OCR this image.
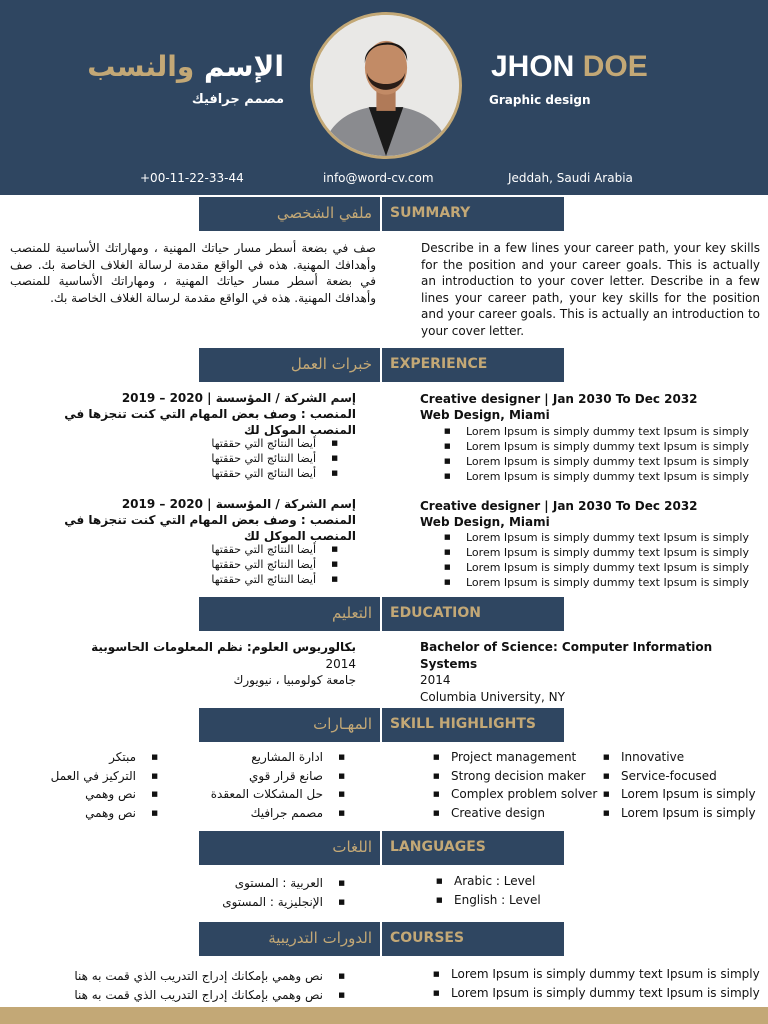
الإسم والنسب
مصمم جرافيك
JHON DOE
Graphic design
+00-11-22-33-44	info@word-cv.com	Jeddah, Saudi Arabia
ملفي الشخصي SUMMARY
صف في بضعة أسطر مسار حياتك المهنية ، ومهاراتك الأساسية للمنصب وأهدافك المهنية. هذه في الواقع مقدمة لرسالة الغلاف الخاصة بك. صف في بضعة أسطر مسار حياتك المهنية ، ومهاراتك الأساسية للمنصب وأهدافك المهنية. هذه في الواقع مقدمة لرسالة الغلاف الخاصة بك.
Describe in a few lines your career path, your key skills for the position and your career goals. This is actually an introduction to your cover letter. Describe in a few lines your career path, your key skills for the position and your career goals. This is actually an introduction to your cover letter.
خبرات العمل EXPERIENCE
إسم الشركة / المؤسسة | 2020 – 2019
المنصب : وصف بعض المهام التي كنت تنجزها في المنصب الموكل لك
■ أيضا النتائج التي حققتها
■ أيضا النتائج التي حققتها
■ أيضا النتائج التي حققتها
Creative designer | Jan 2030 To Dec 2032
Web Design, Miami
■ Lorem Ipsum is simply dummy text Ipsum is simply
■ Lorem Ipsum is simply dummy text Ipsum is simply
■ Lorem Ipsum is simply dummy text Ipsum is simply
■ Lorem Ipsum is simply dummy text Ipsum is simply
إسم الشركة / المؤسسة | 2020 – 2019
المنصب : وصف بعض المهام التي كنت تنجزها في المنصب الموكل لك
■ أيضا النتائج التي حققتها
■ أيضا النتائج التي حققتها
■ أيضا النتائج التي حققتها
Creative designer | Jan 2030 To Dec 2032
Web Design, Miami
■ Lorem Ipsum is simply dummy text Ipsum is simply
■ Lorem Ipsum is simply dummy text Ipsum is simply
■ Lorem Ipsum is simply dummy text Ipsum is simply
■ Lorem Ipsum is simply dummy text Ipsum is simply
التعليم EDUCATION
بكالوريوس العلوم: نظم المعلومات الحاسوبية
2014
جامعة كولومبيا ، نيويورك
Bachelor of Science: Computer Information Systems
2014
Columbia University, NY
المهـارات SKILL HIGHLIGHTS
■ ادارة المشاريع
■ صانع قرار قوي
■ حل المشكلات المعقدة
■ مصمم جرافيك
■ مبتكر
■ التركيز في العمل
■ نص وهمي
■ نص وهمي
■ Project management
■ Strong decision maker
■ Complex problem solver
■ Creative design
■ Innovative
■ Service-focused
■ Lorem Ipsum is simply
■ Lorem Ipsum is simply
اللغات LANGUAGES
■ العربية : المستوى
■ الإنجليزية : المستوى
■ Arabic : Level
■ English : Level
الدورات التدريبية COURSES
■ نص وهمي بإمكانك إدراج التدريب الذي قمت به هنا
■ نص وهمي بإمكانك إدراج التدريب الذي قمت به هنا
■ Lorem Ipsum is simply dummy text Ipsum is simply
■ Lorem Ipsum is simply dummy text Ipsum is simply
